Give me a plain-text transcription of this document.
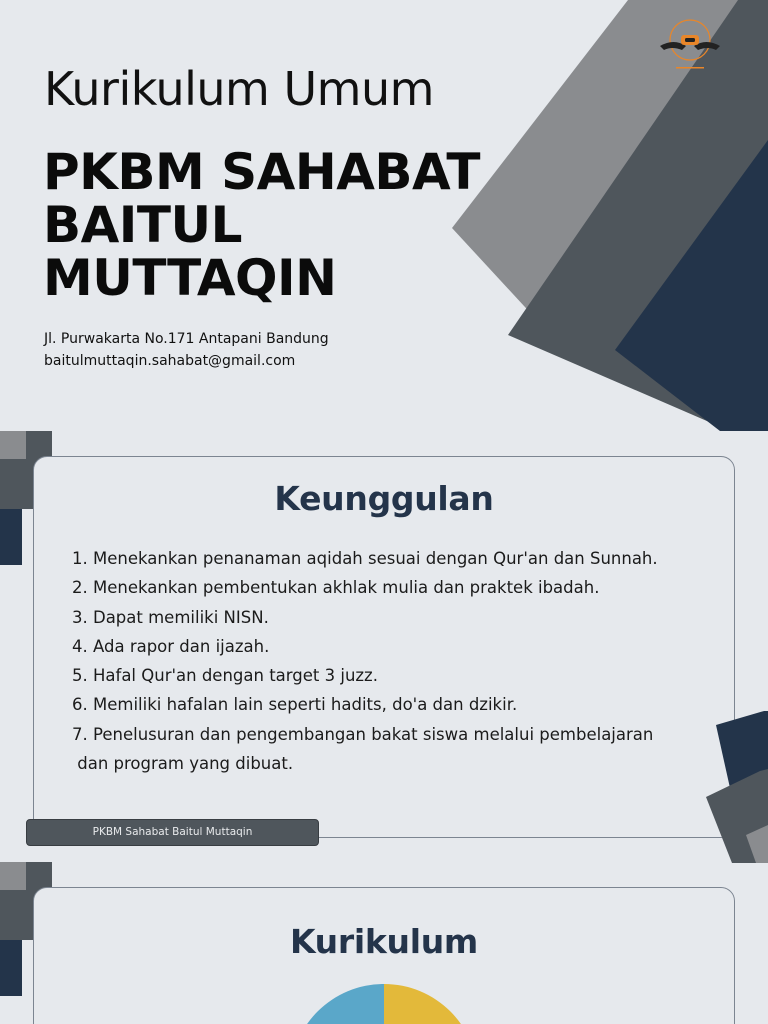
Kurikulum Umum
PKBM SAHABAT
BAITUL
MUTTAQIN
Jl. Purwakarta No.171 Antapani Bandung
baitulmuttaqin.sahabat@gmail.com
Keunggulan
1. Menekankan penanaman aqidah sesuai dengan Qur'an dan Sunnah.
2. Menekankan pembentukan akhlak mulia dan praktek ibadah.
3. Dapat memiliki NISN.
4. Ada rapor dan ijazah.
5. Hafal Qur'an dengan target 3 juzz.
6. Memiliki hafalan lain seperti hadits, do'a dan dzikir.
7. Penelusuran dan pengembangan bakat siswa melalui pembelajaran
dan program yang dibuat.
PKBM Sahabat Baitul Muttaqin
Kurikulum
